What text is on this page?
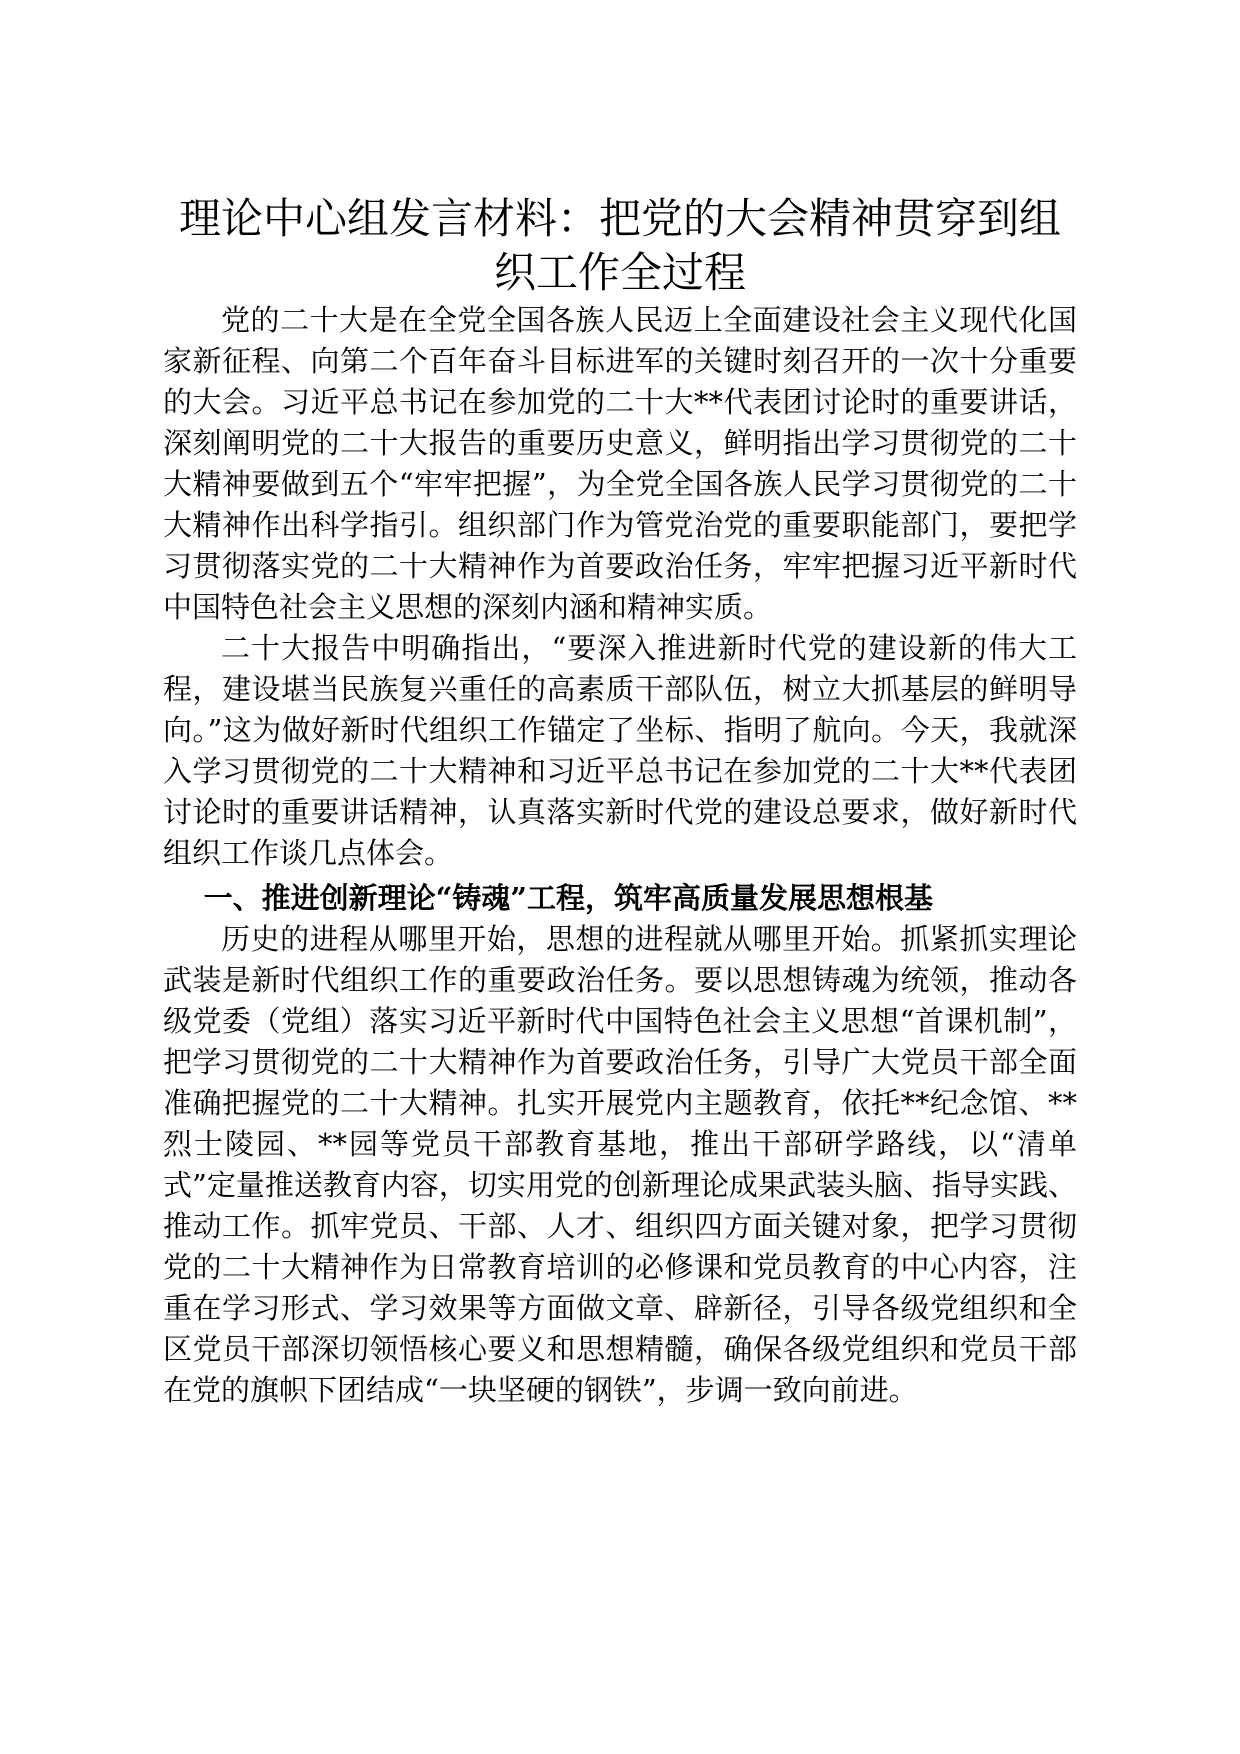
理论中心组发言材料：把党的大会精神贯穿到组织工作全过程

党的二十大是在全党全国各族人民迈上全面建设社会主义现代化国家新征程、向第二个百年奋斗目标进军的关键时刻召开的一次十分重要的大会。习近平总书记在参加党的二十大**代表团讨论时的重要讲话，深刻阐明党的二十大报告的重要历史意义，鲜明指出学习贯彻党的二十大精神要做到五个“牢牢把握”，为全党全国各族人民学习贯彻党的二十大精神作出科学指引。组织部门作为管党治党的重要职能部门，要把学习贯彻落实党的二十大精神作为首要政治任务，牢牢把握习近平新时代中国特色社会主义思想的深刻内涵和精神实质。

二十大报告中明确指出，“要深入推进新时代党的建设新的伟大工程，建设堪当民族复兴重任的高素质干部队伍，树立大抓基层的鲜明导向。”这为做好新时代组织工作锚定了坐标、指明了航向。今天，我就深入学习贯彻党的二十大精神和习近平总书记在参加党的二十大**代表团讨论时的重要讲话精神，认真落实新时代党的建设总要求，做好新时代组织工作谈几点体会。

一、推进创新理论“铸魂”工程，筑牢高质量发展思想根基

历史的进程从哪里开始，思想的进程就从哪里开始。抓紧抓实理论武装是新时代组织工作的重要政治任务。要以思想铸魂为统领，推动各级党委（党组）落实习近平新时代中国特色社会主义思想“首课机制”，把学习贯彻党的二十大精神作为首要政治任务，引导广大党员干部全面准确把握党的二十大精神。扎实开展党内主题教育，依托**纪念馆、**烈士陵园、**园等党员干部教育基地，推出干部研学路线，以“清单式”定量推送教育内容，切实用党的创新理论成果武装头脑、指导实践、推动工作。抓牢党员、干部、人才、组织四方面关键对象，把学习贯彻党的二十大精神作为日常教育培训的必修课和党员教育的中心内容，注重在学习形式、学习效果等方面做文章、辟新径，引导各级党组织和全区党员干部深切领悟核心要义和思想精髓，确保各级党组织和党员干部在党的旗帜下团结成“一块坚硬的钢铁”，步调一致向前进。
